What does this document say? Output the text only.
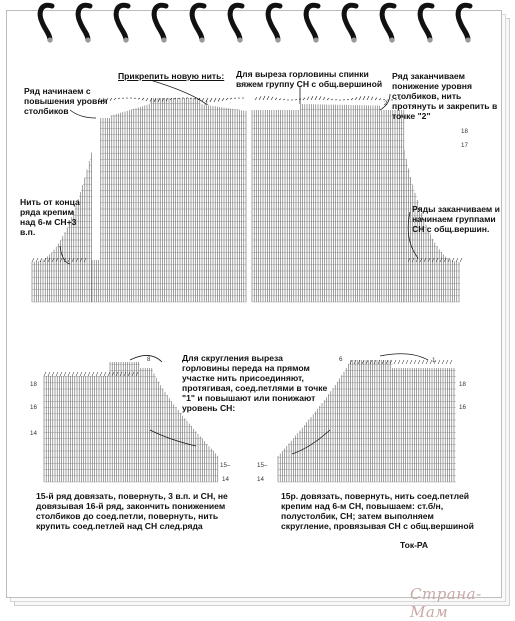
Ряд начинаем с повышения уровня столбиков
Прикрепить новую нить:	Для выреза горловины спинки вяжем группу СН с общ.вершиной
Ряд заканчиваем понижение уровня столбиков, нить протянуть и закрепить в точке "2"
Нить от конца ряда крепим над 6-м СН+3 в.п.
Ряды заканчиваем и начинаем группами СН с общ.вершин.
Для скругления выреза горловины переда на прямом участке нить присоединяют, протягивая, соед.петлями в точке "1" и повышают или понижают уровень СН:
15-й ряд довязать, повернуть, 3 в.п. и СН, не довязывая 16-й ряд, закончить понижением столбиков до соед.петли, повернуть, нить крупить соед.петлей над СН след.ряда
15р. довязать, повернуть, нить соед.петлей крепим над 6-м СН, повышаем: ст.б/н, полустолбик, СН; затем выполняем скругление, провязывая СН с общ.вершиной
Ток-РА
18
17
1	2
18
16
14
8
15–
14
6	1
18
16
15–
14
Страна-Мам
